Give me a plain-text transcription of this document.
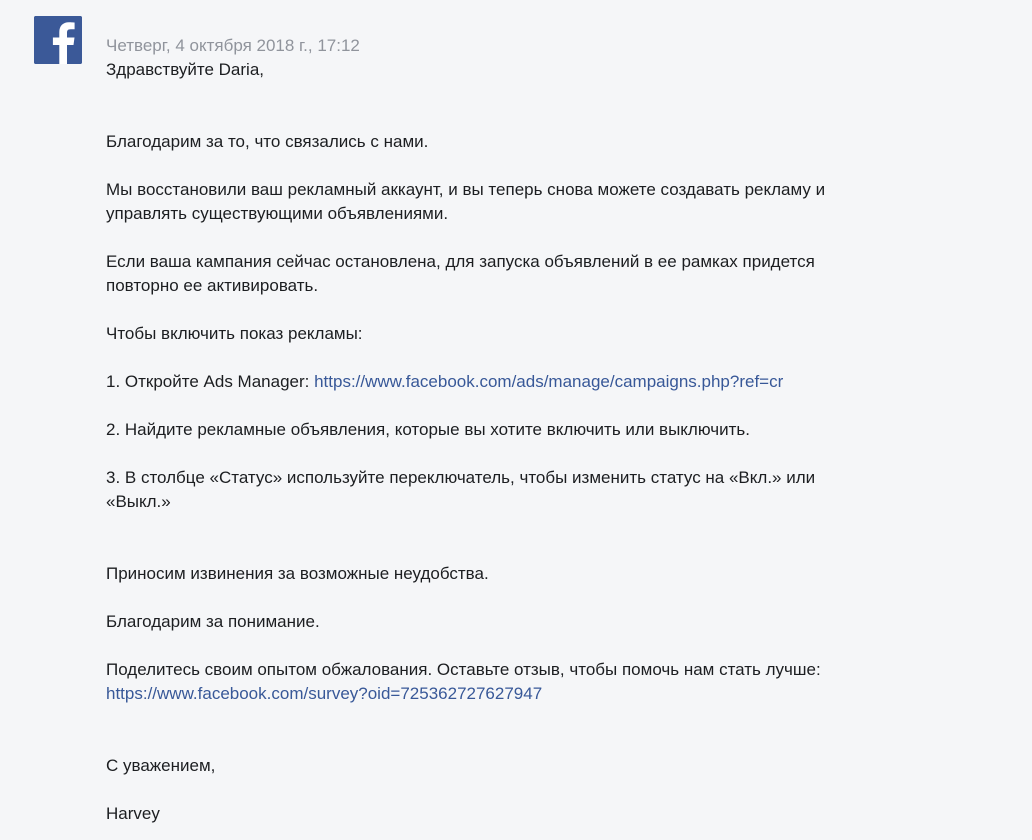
Четверг, 4 октября 2018 г., 17:12
Здравствуйте Daria,
Благодарим за то, что связались с нами.
Мы восстановили ваш рекламный аккаунт, и вы теперь снова можете создавать рекламу и
управлять существующими объявлениями.
Если ваша кампания сейчас остановлена, для запуска объявлений в ее рамках придется
повторно ее активировать.
Чтобы включить показ рекламы:
1. Откройте Ads Manager: https://www.facebook.com/ads/manage/campaigns.php?ref=cr
2. Найдите рекламные объявления, которые вы хотите включить или выключить.
3. В столбце «Статус» используйте переключатель, чтобы изменить статус на «Вкл.» или
«Выкл.»
Приносим извинения за возможные неудобства.
Благодарим за понимание.
Поделитесь своим опытом обжалования. Оставьте отзыв, чтобы помочь нам стать лучше:
https://www.facebook.com/survey?oid=725362727627947
С уважением,
Harvey
